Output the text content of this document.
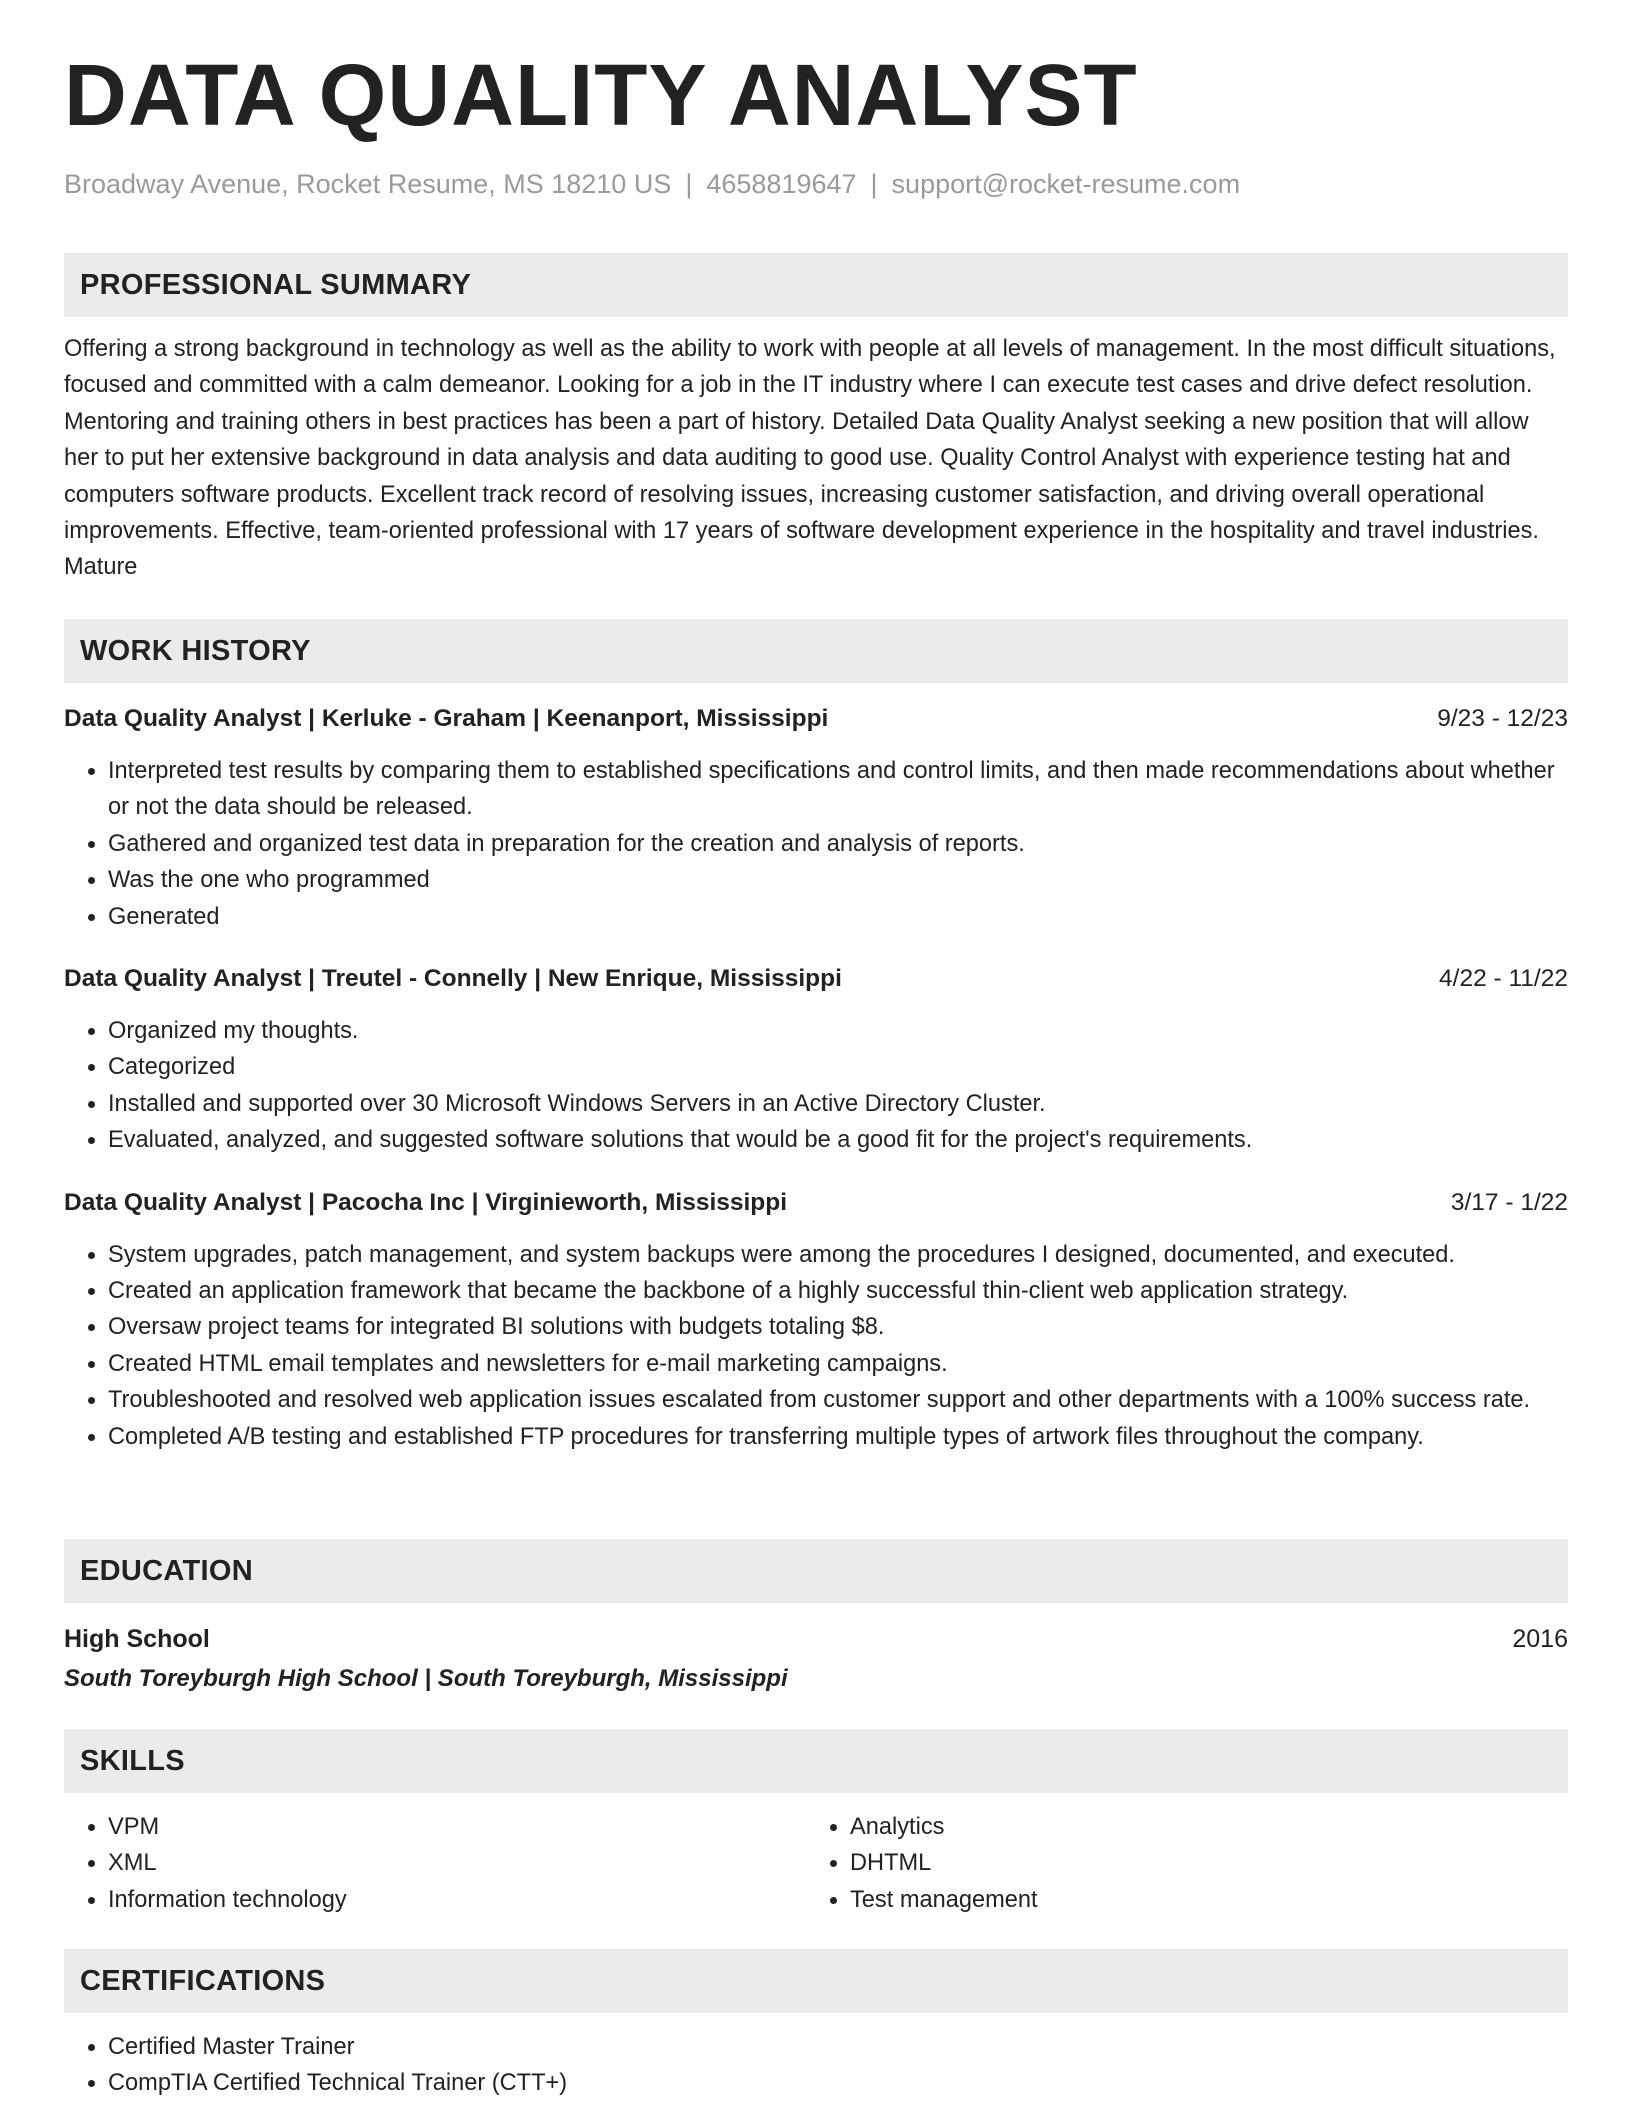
DATA QUALITY ANALYST
Broadway Avenue, Rocket Resume, MS 18210 US | 4658819647 | support@rocket-resume.com
PROFESSIONAL SUMMARY
Offering a strong background in technology as well as the ability to work with people at all levels of management. In the most difficult situations, focused and committed with a calm demeanor. Looking for a job in the IT industry where I can execute test cases and drive defect resolution. Mentoring and training others in best practices has been a part of history. Detailed Data Quality Analyst seeking a new position that will allow her to put her extensive background in data analysis and data auditing to good use. Quality Control Analyst with experience testing hat and computers software products. Excellent track record of resolving issues, increasing customer satisfaction, and driving overall operational improvements. Effective, team-oriented professional with 17 years of software development experience in the hospitality and travel industries. Mature
WORK HISTORY
Data Quality Analyst | Kerluke - Graham | Keenanport, Mississippi	9/23 - 12/23
• Interpreted test results by comparing them to established specifications and control limits, and then made recommendations about whether or not the data should be released.
• Gathered and organized test data in preparation for the creation and analysis of reports.
• Was the one who programmed
• Generated
Data Quality Analyst | Treutel - Connelly | New Enrique, Mississippi	4/22 - 11/22
• Organized my thoughts.
• Categorized
• Installed and supported over 30 Microsoft Windows Servers in an Active Directory Cluster.
• Evaluated, analyzed, and suggested software solutions that would be a good fit for the project's requirements.
Data Quality Analyst | Pacocha Inc | Virginieworth, Mississippi	3/17 - 1/22
• System upgrades, patch management, and system backups were among the procedures I designed, documented, and executed.
• Created an application framework that became the backbone of a highly successful thin-client web application strategy.
• Oversaw project teams for integrated BI solutions with budgets totaling $8.
• Created HTML email templates and newsletters for e-mail marketing campaigns.
• Troubleshooted and resolved web application issues escalated from customer support and other departments with a 100% success rate.
• Completed A/B testing and established FTP procedures for transferring multiple types of artwork files throughout the company.
EDUCATION
High School	2016
South Toreyburgh High School | South Toreyburgh, Mississippi
SKILLS
• VPM
• XML
• Information technology
• Analytics
• DHTML
• Test management
CERTIFICATIONS
• Certified Master Trainer
• CompTIA Certified Technical Trainer (CTT+)
